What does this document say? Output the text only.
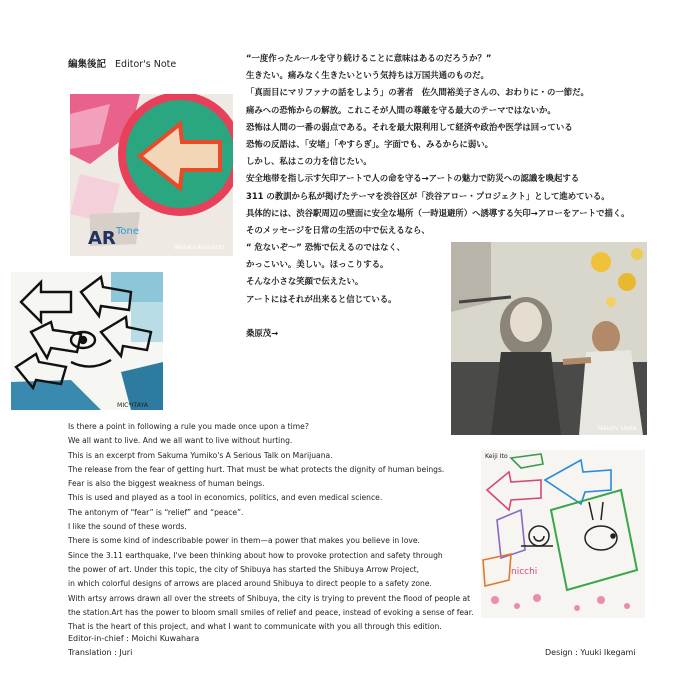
編集後記 Editor's Note
“一度作ったルールを守り続けることに意味はあるのだろうか？”
生きたい。痛みなく生きたいという気持ちは万国共通のものだ。
「真面目にマリファナの話をしよう」の著者　佐久間裕美子さんの、おわりに・の一節だ。
痛みへの恐怖からの解放。これこそが人間の尊厳を守る最大のテーマではないか。
恐怖は人間の一番の弱点である。それを最大限利用して経済や政治や医学は回っている
恐怖の反語は、「安堵」「やすらぎ」。字面でも、みるからに弱い。
しかし、私はこの力を信じたい。
安全地帯を指し示す矢印アートで人の命を守る→アートの魅力で防災への認識を喚起する
311 の教訓から私が掲げたテーマを渋谷区が「渋谷アロー・プロジェクト」として進めている。
具体的には、渋谷駅周辺の壁面に安全な場所（一時退避所）へ誘導する矢印→アローをアートで描く。
そのメッセージを日常の生活の中で伝えるなら、
“ 危ないぞ〜” 恐怖で伝えるのではなく、
かっこいい。美しい。ほっこりする。
そんな小さな笑顔で伝えたい。
アートにはそれが出来ると信じている。
桑原茂→
AR Tone
Wataru Komachi
MIC*ITAYA
Takumi Ueda
nicchi
Keiji Ito
Is there a point in following a rule you made once upon a time?
We all want to live. And we all want to live without hurting.
This is an excerpt from Sakuma Yumiko's A Serious Talk on Marijuana.
The release from the fear of getting hurt. That must be what protects the dignity of human beings.
Fear is also the biggest weakness of human beings.
This is used and played as a tool in economics, politics, and even medical science.
The antonym of “fear” is “relief” and “peace”.
I like the sound of these words.
There is some kind of indescribable power in them—a power that makes you believe in love.
Since the 3.11 earthquake, I've been thinking about how to provoke protection and safety through
the power of art. Under this topic, the city of Shibuya has started the Shibuya Arrow Project,
in which colorful designs of arrows are placed around Shibuya to direct people to a safety zone.
With artsy arrows drawn all over the streets of Shibuya, the city is trying to prevent the flood of people at
the station.Art has the power to bloom small smiles of relief and peace, instead of evoking a sense of fear.
That is the heart of this project, and what I want to communicate with you all through this edition.
Editor-in-chief : Moichi Kuwahara
Translation : Juri	Design : Yuuki Ikegami
